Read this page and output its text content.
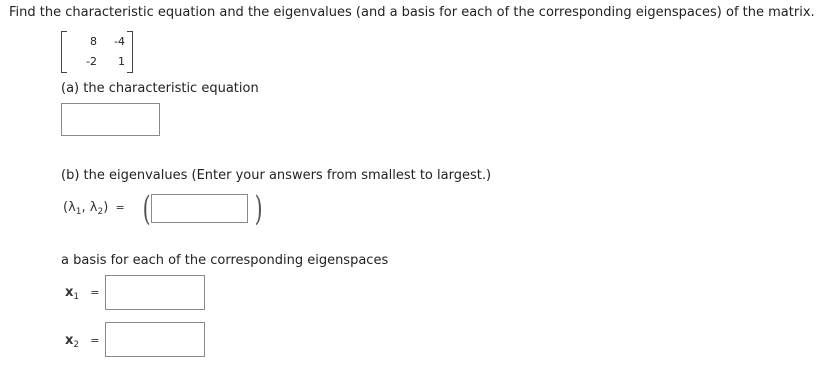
Find the characteristic equation and the eigenvalues (and a basis for each of the corresponding eigenspaces) of the matrix.
8	-4
-2	1
(a) the characteristic equation
(b) the eigenvalues (Enter your answers from smallest to largest.)
($\lambda_1$, $\lambda_2$) = (	)
a basis for each of the corresponding eigenspaces
$x_1$ =
$x_2$ =
